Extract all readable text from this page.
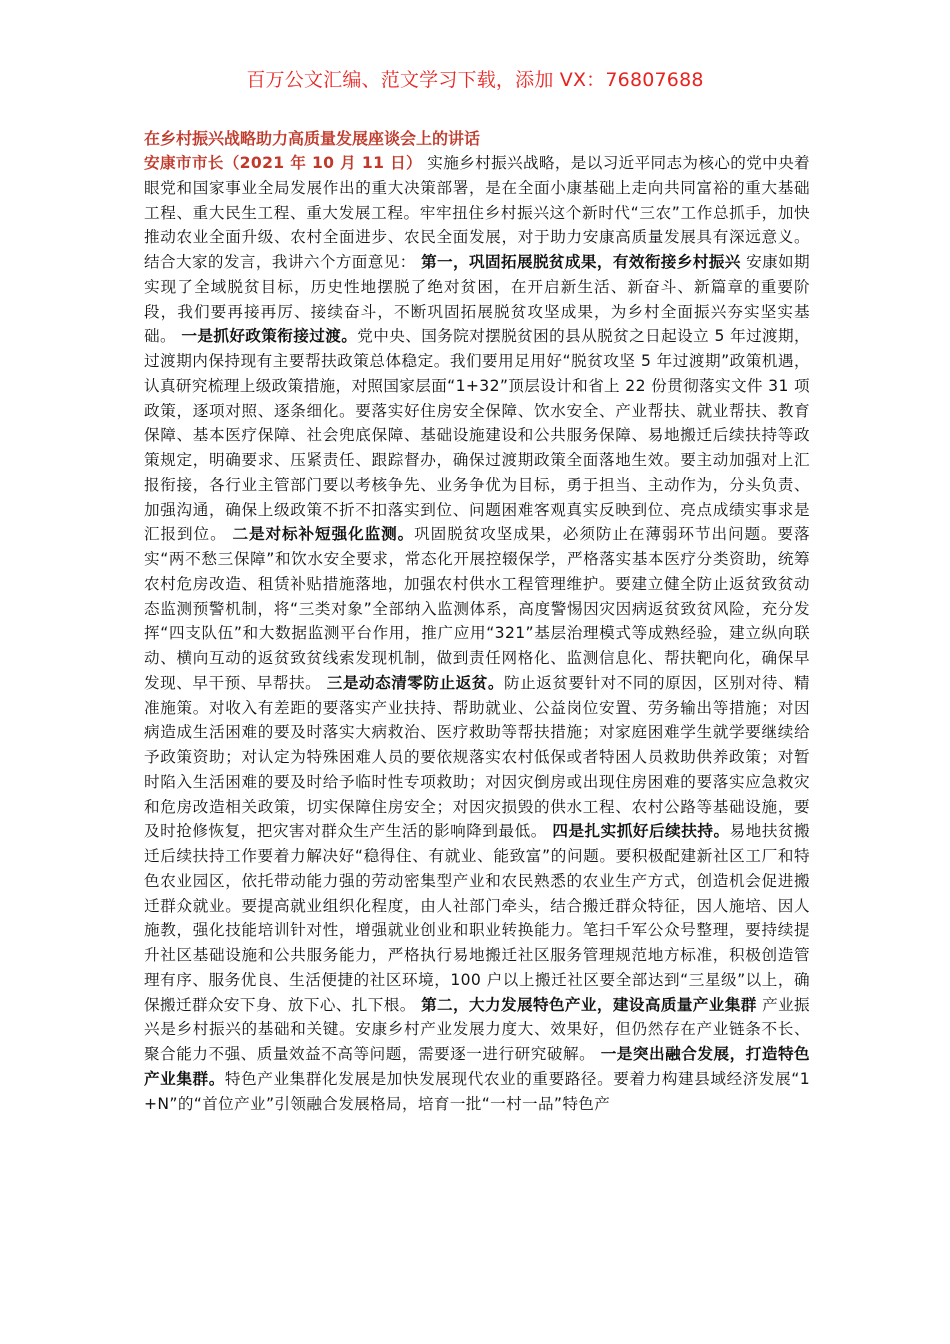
百万公文汇编、范文学习下载，添加 VX：76807688
在乡村振兴战略助力高质量发展座谈会上的讲话
安康市市长（2021 年 10 月 11 日） 实施乡村振兴战略，是以习近平同志为核心的党中央着眼党和国家事业全局发展作出的重大决策部署，是在全面小康基础上走向共同富裕的重大基础工程、重大民生工程、重大发展工程。牢牢扭住乡村振兴这个新时代“三农”工作总抓手，加快推动农业全面升级、农村全面进步、农民全面发展，对于助力安康高质量发展具有深远意义。结合大家的发言，我讲六个方面意见： 第一，巩固拓展脱贫成果，有效衔接乡村振兴 安康如期实现了全域脱贫目标，历史性地摆脱了绝对贫困，在开启新生活、新奋斗、新篇章的重要阶段，我们要再接再厉、接续奋斗，不断巩固拓展脱贫攻坚成果，为乡村全面振兴夯实坚实基础。 一是抓好政策衔接过渡。党中央、国务院对摆脱贫困的县从脱贫之日起设立 5 年过渡期，过渡期内保持现有主要帮扶政策总体稳定。我们要用足用好“脱贫攻坚 5 年过渡期”政策机遇，认真研究梳理上级政策措施，对照国家层面“1+32”顶层设计和省上 22 份贯彻落实文件 31 项政策，逐项对照、逐条细化。要落实好住房安全保障、饮水安全、产业帮扶、就业帮扶、教育保障、基本医疗保障、社会兜底保障、基础设施建设和公共服务保障、易地搬迁后续扶持等政策规定，明确要求、压紧责任、跟踪督办，确保过渡期政策全面落地生效。要主动加强对上汇报衔接，各行业主管部门要以考核争先、业务争优为目标，勇于担当、主动作为，分头负责、加强沟通，确保上级政策不折不扣落实到位、问题困难客观真实反映到位、亮点成绩实事求是汇报到位。 二是对标补短强化监测。巩固脱贫攻坚成果，必须防止在薄弱环节出问题。要落实“两不愁三保障”和饮水安全要求，常态化开展控辍保学，严格落实基本医疗分类资助，统筹农村危房改造、租赁补贴措施落地，加强农村供水工程管理维护。要建立健全防止返贫致贫动态监测预警机制，将“三类对象”全部纳入监测体系，高度警惕因灾因病返贫致贫风险，充分发挥“四支队伍”和大数据监测平台作用，推广应用“321”基层治理模式等成熟经验，建立纵向联动、横向互动的返贫致贫线索发现机制，做到责任网格化、监测信息化、帮扶靶向化，确保早发现、早干预、早帮扶。 三是动态清零防止返贫。防止返贫要针对不同的原因，区别对待、精准施策。对收入有差距的要落实产业扶持、帮助就业、公益岗位安置、劳务输出等措施；对因病造成生活困难的要及时落实大病救治、医疗救助等帮扶措施；对家庭困难学生就学要继续给予政策资助；对认定为特殊困难人员的要依规落实农村低保或者特困人员救助供养政策；对暂时陷入生活困难的要及时给予临时性专项救助；对因灾倒房或出现住房困难的要落实应急救灾和危房改造相关政策，切实保障住房安全；对因灾损毁的供水工程、农村公路等基础设施，要及时抢修恢复，把灾害对群众生产生活的影响降到最低。 四是扎实抓好后续扶持。易地扶贫搬迁后续扶持工作要着力解决好“稳得住、有就业、能致富”的问题。要积极配建新社区工厂和特色农业园区，依托带动能力强的劳动密集型产业和农民熟悉的农业生产方式，创造机会促进搬迁群众就业。要提高就业组织化程度，由人社部门牵头，结合搬迁群众特征，因人施培、因人施教，强化技能培训针对性，增强就业创业和职业转换能力。笔扫千军公众号整理，要持续提升社区基础设施和公共服务能力，严格执行易地搬迁社区服务管理规范地方标准，积极创造管理有序、服务优良、生活便捷的社区环境，100 户以上搬迁社区要全部达到“三星级”以上，确保搬迁群众安下身、放下心、扎下根。 第二，大力发展特色产业，建设高质量产业集群 产业振兴是乡村振兴的基础和关键。安康乡村产业发展力度大、效果好，但仍然存在产业链条不长、聚合能力不强、质量效益不高等问题，需要逐一进行研究破解。 一是突出融合发展，打造特色产业集群。特色产业集群化发展是加快发展现代农业的重要路径。要着力构建县域经济发展“1+N”的“首位产业”引领融合发展格局，培育一批“一村一品”特色产
